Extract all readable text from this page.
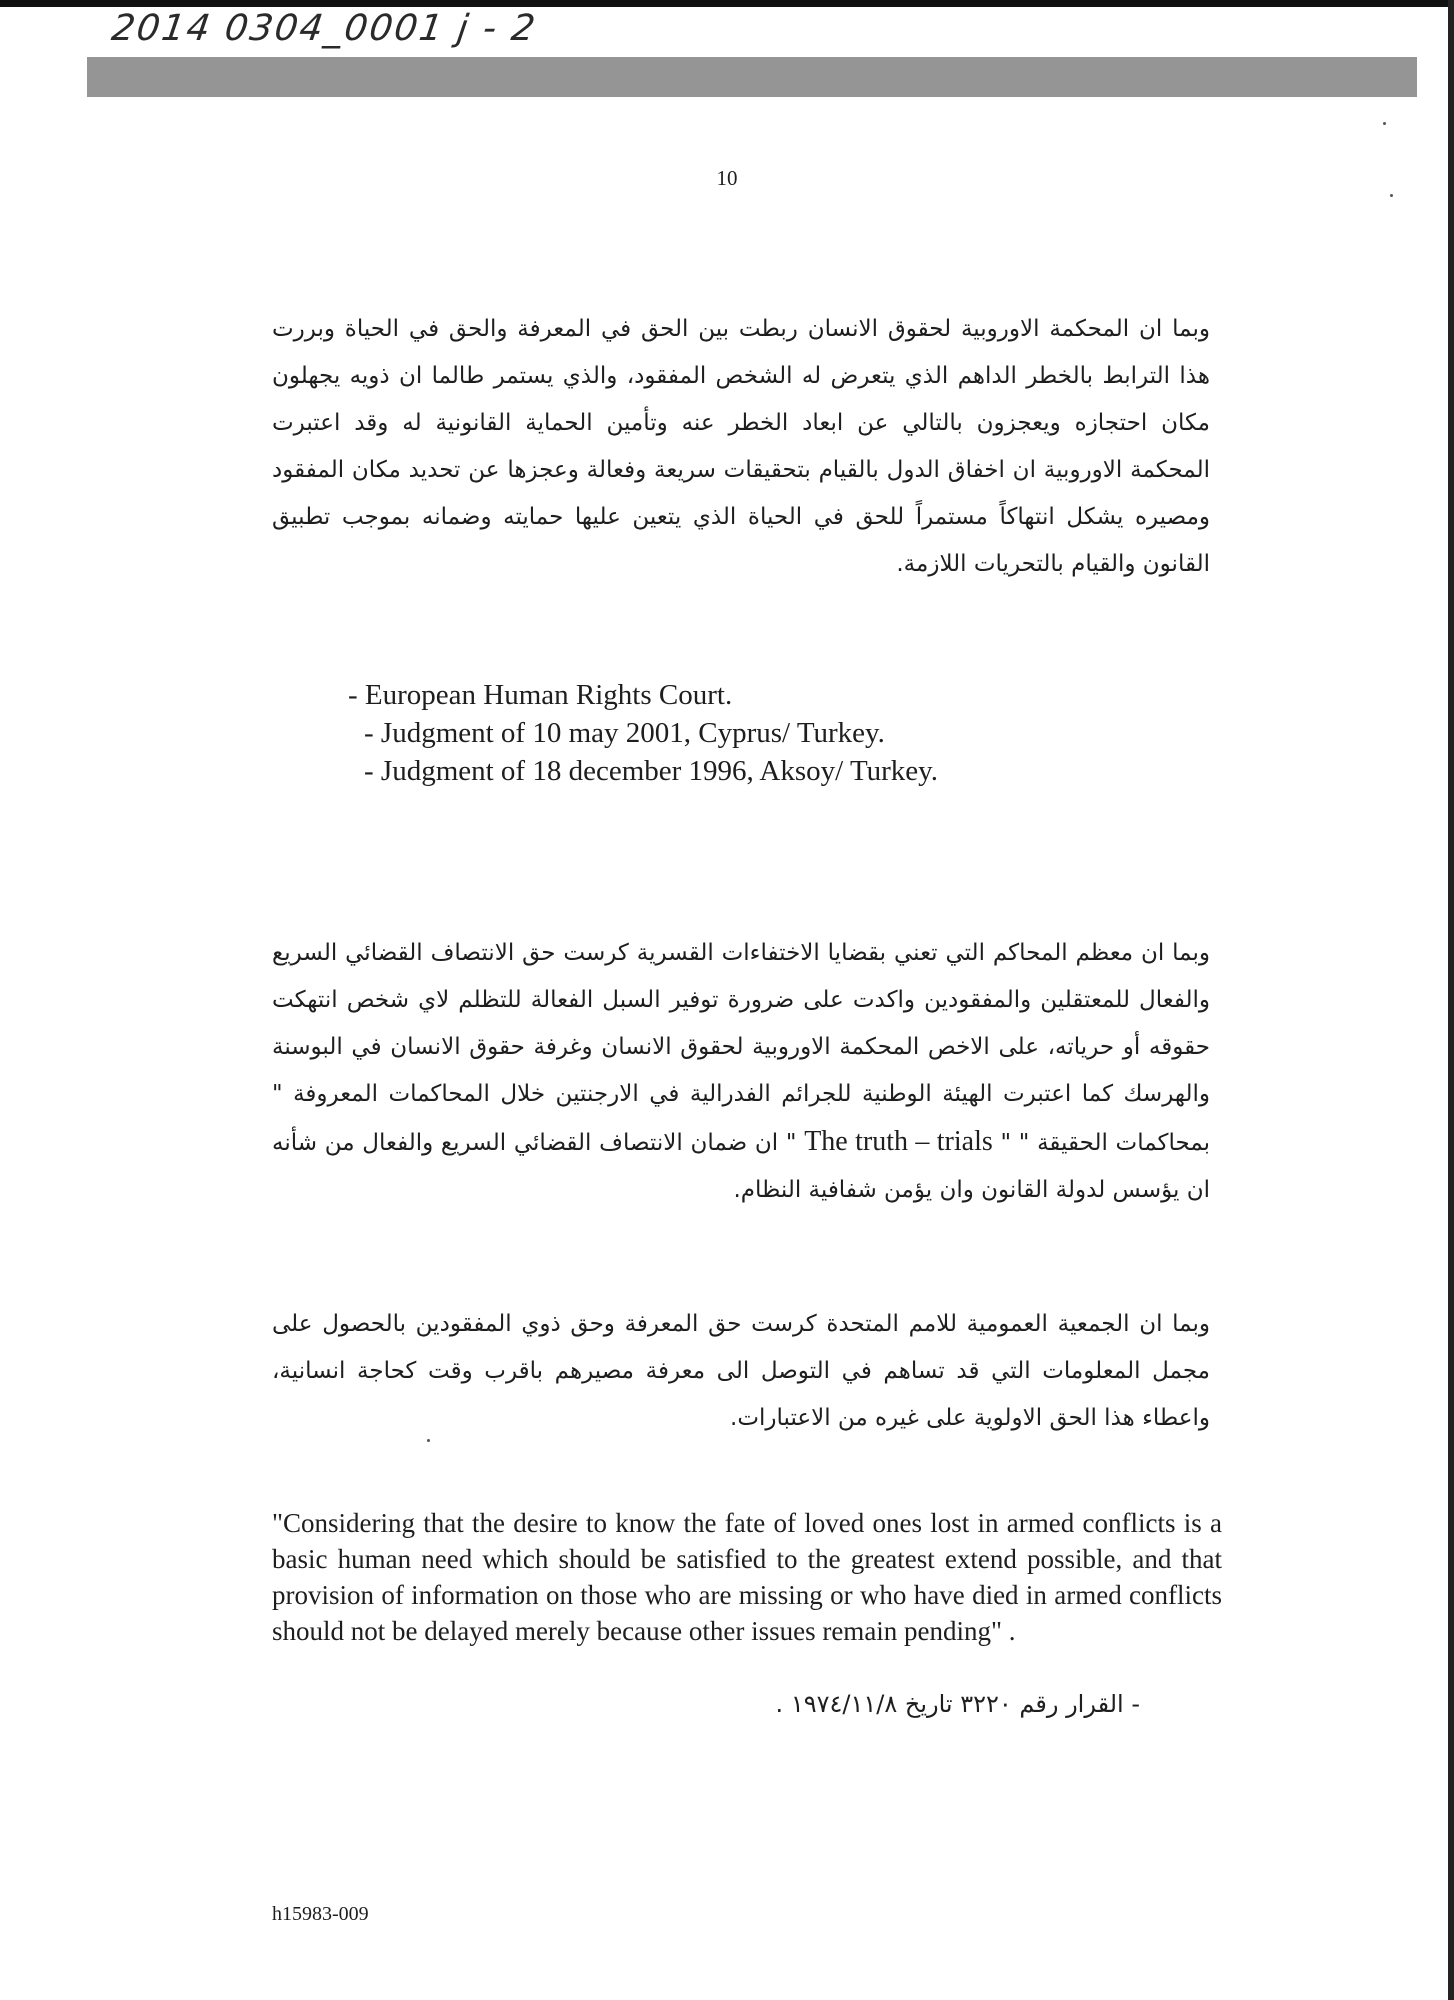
2014 0304_0001 j - 2
10
وبما ان المحكمة الاوروبية لحقوق الانسان ربطت بين الحق في المعرفة والحق في الحياة وبررت هذا الترابط بالخطر الداهم الذي يتعرض له الشخص المفقود، والذي يستمر طالما ان ذويه يجهلون مكان احتجازه ويعجزون بالتالي عن ابعاد الخطر عنه وتأمين الحماية القانونية له وقد اعتبرت المحكمة الاوروبية ان اخفاق الدول بالقيام بتحقيقات سريعة وفعالة وعجزها عن تحديد مكان المفقود ومصيره يشكل انتهاكاً مستمراً للحق في الحياة الذي يتعين عليها حمايته وضمانه بموجب تطبيق القانون والقيام بالتحريات اللازمة.
- European Human Rights Court.
- Judgment of 10 may 2001, Cyprus/ Turkey.
- Judgment of 18 december 1996, Aksoy/ Turkey.
وبما ان معظم المحاكم التي تعني بقضايا الاختفاءات القسرية كرست حق الانتصاف القضائي السريع والفعال للمعتقلين والمفقودين واكدت على ضرورة توفير السبل الفعالة للتظلم لاي شخص انتهكت حقوقه أو حرياته، على الاخص المحكمة الاوروبية لحقوق الانسان وغرفة حقوق الانسان في البوسنة والهرسك كما اعتبرت الهيئة الوطنية للجرائم الفدرالية في الارجنتين خلال المحاكمات المعروفة " بمحاكمات الحقيقة " " The truth – trials " ان ضمان الانتصاف القضائي السريع والفعال من شأنه ان يؤسس لدولة القانون وان يؤمن شفافية النظام.
وبما ان الجمعية العمومية للامم المتحدة كرست حق المعرفة وحق ذوي المفقودين بالحصول على مجمل المعلومات التي قد تساهم في التوصل الى معرفة مصيرهم باقرب وقت كحاجة انسانية، واعطاء هذا الحق الاولوية على غيره من الاعتبارات.
"Considering that the desire to know the fate of loved ones lost in armed conflicts is a basic human need which should be satisfied to the greatest extend possible, and that provision of information on those who are missing or who have died in armed conflicts should not be delayed merely because other issues remain pending" .
- القرار رقم ٣٢٢٠ تاريخ ١٩٧٤/١١/٨ .
h15983-009
